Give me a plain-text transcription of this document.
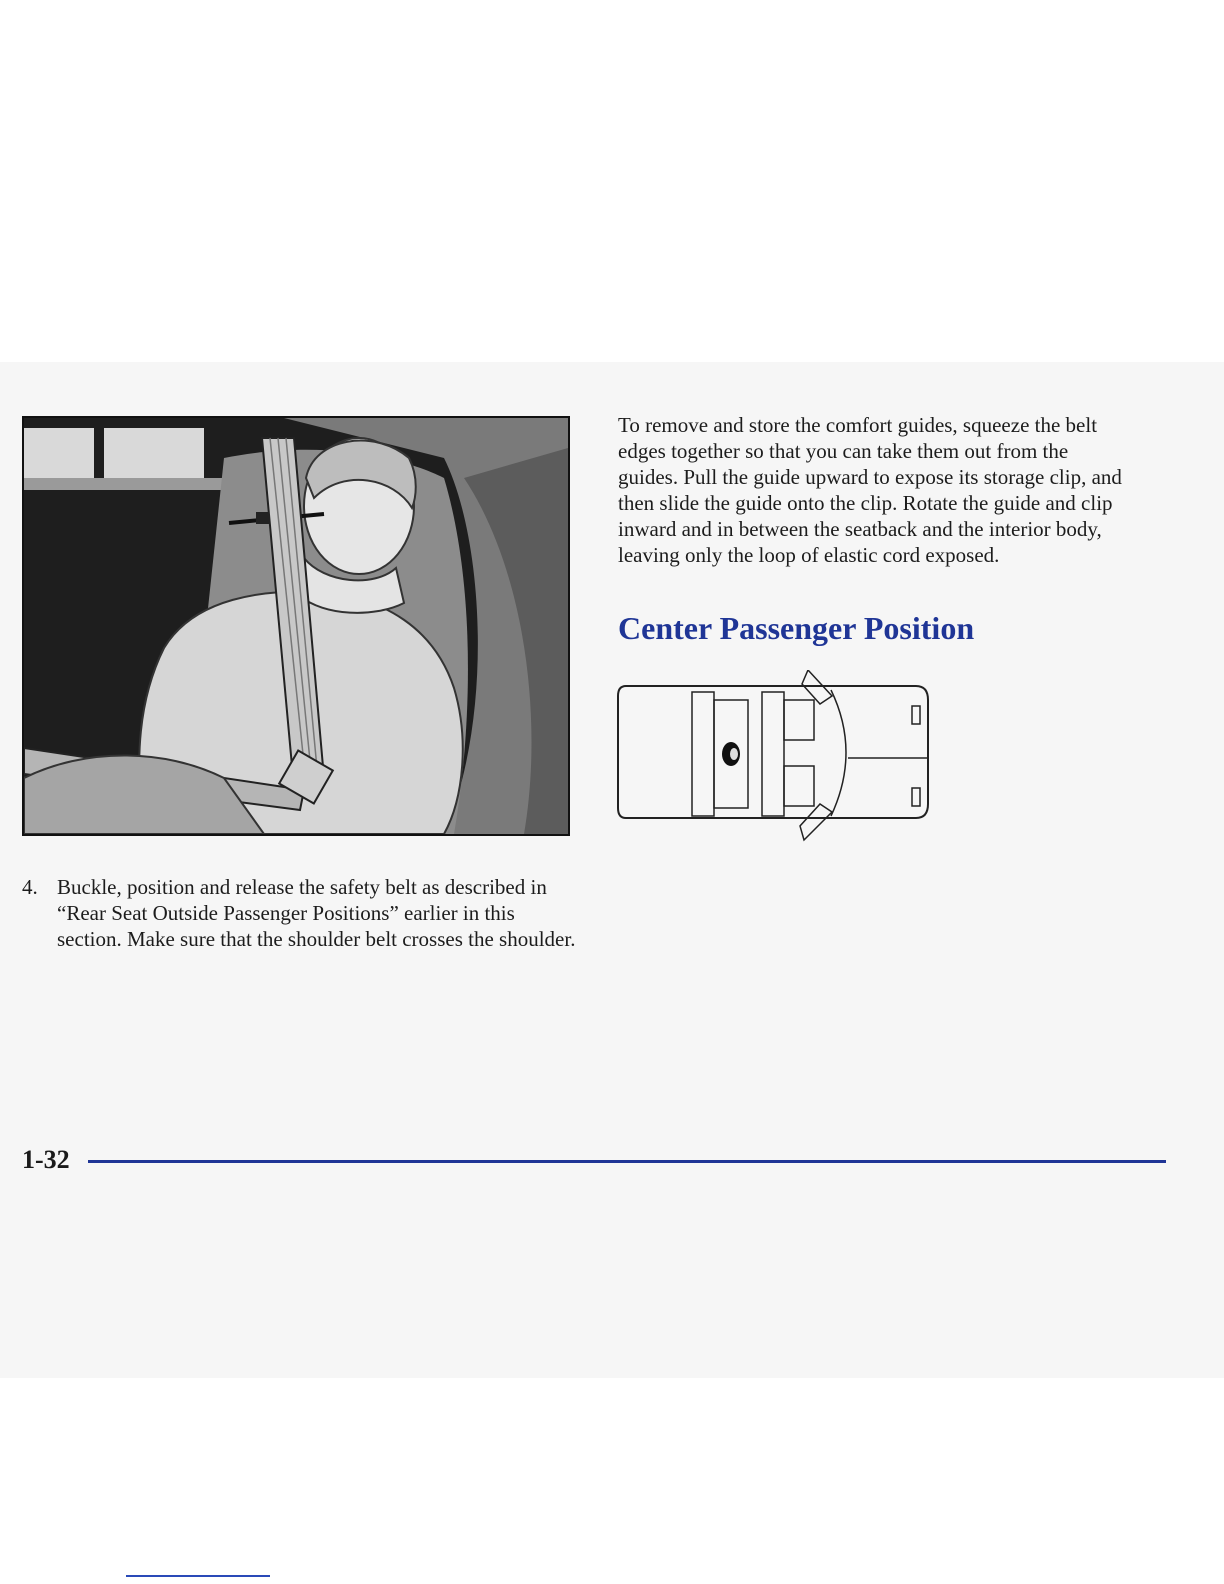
4. Buckle, position and release the safety belt as described in “Rear Seat Outside Passenger Positions” earlier in this section. Make sure that the shoulder belt crosses the shoulder.

To remove and store the comfort guides, squeeze the belt edges together so that you can take them out from the guides. Pull the guide upward to expose its storage clip, and then slide the guide onto the clip. Rotate the guide and clip inward and in between the seatback and the interior body, leaving only the loop of elastic cord exposed.

Center Passenger Position
1-32
